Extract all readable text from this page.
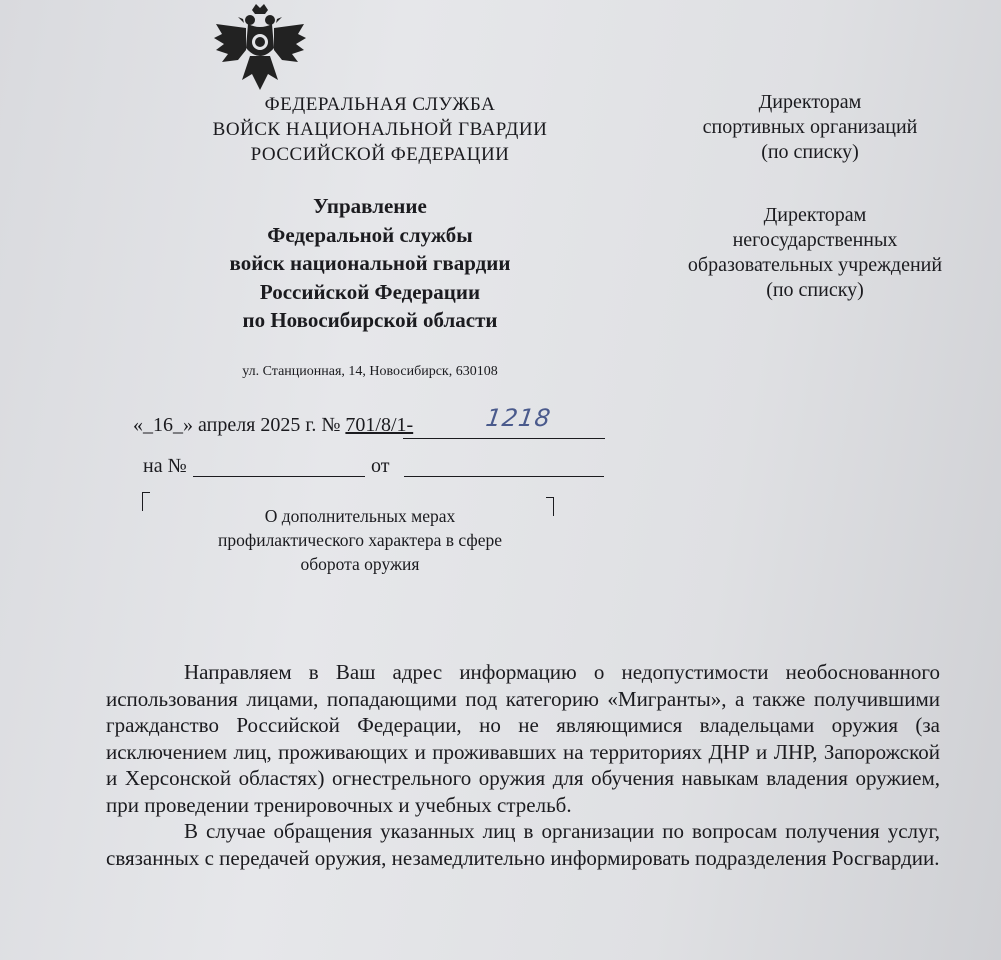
ФЕДЕРАЛЬНАЯ СЛУЖБА
ВОЙСК НАЦИОНАЛЬНОЙ ГВАРДИИ
РОССИЙСКОЙ ФЕДЕРАЦИИ
Управление
Федеральной службы
войск национальной гвардии
Российской Федерации
по Новосибирской области
ул. Станционная, 14, Новосибирск, 630108
Директорам
спортивных организаций
(по списку)
Директорам
негосударственных
образовательных учреждений
(по списку)
«_16_» апреля 2025 г. № 701/8/1-	1218
на №	от
О дополнительных мерах
профилактического характера в сфере
оборота оружия

Направляем в Ваш адрес информацию о недопустимости необоснованного использования лицами, попадающими под категорию «Мигранты», а также получившими гражданство Российской Федерации, но не являющимися владельцами оружия (за исключением лиц, проживающих и проживавших на территориях ДНР и ЛНР, Запорожской и Херсонской областях) огнестрельного оружия для обучения навыкам владения оружием, при проведении тренировочных и учебных стрельб.

В случае обращения указанных лиц в организации по вопросам получения услуг, связанных с передачей оружия, незамедлительно информировать подразделения Росгвардии.
